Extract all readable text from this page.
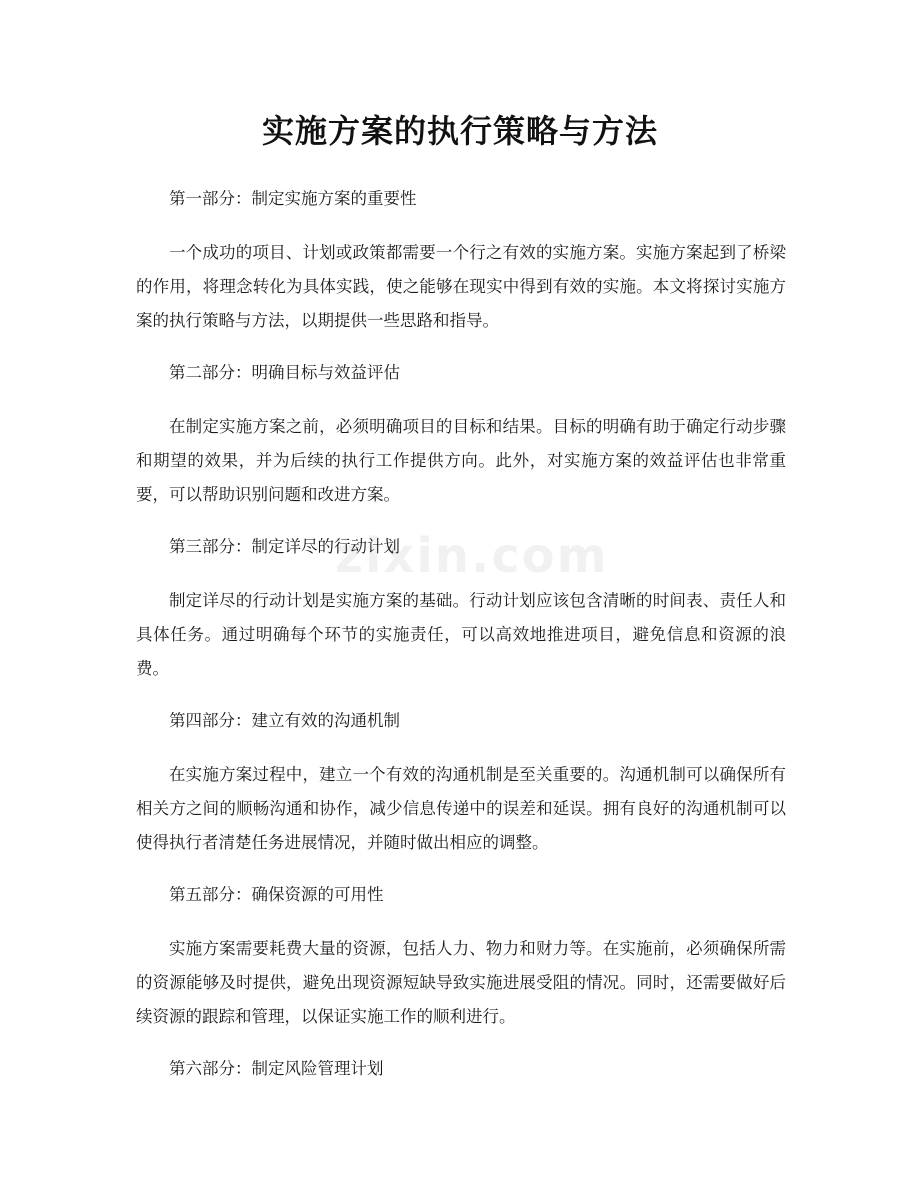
实施方案的执行策略与方法
zixin.com
第一部分：制定实施方案的重要性
一个成功的项目、计划或政策都需要一个行之有效的实施方案。实施方案起到了桥梁的作用，将理念转化为具体实践，使之能够在现实中得到有效的实施。本文将探讨实施方案的执行策略与方法，以期提供一些思路和指导。
第二部分：明确目标与效益评估
在制定实施方案之前，必须明确项目的目标和结果。目标的明确有助于确定行动步骤和期望的效果，并为后续的执行工作提供方向。此外，对实施方案的效益评估也非常重要，可以帮助识别问题和改进方案。
第三部分：制定详尽的行动计划
制定详尽的行动计划是实施方案的基础。行动计划应该包含清晰的时间表、责任人和具体任务。通过明确每个环节的实施责任，可以高效地推进项目，避免信息和资源的浪费。
第四部分：建立有效的沟通机制
在实施方案过程中，建立一个有效的沟通机制是至关重要的。沟通机制可以确保所有相关方之间的顺畅沟通和协作，减少信息传递中的误差和延误。拥有良好的沟通机制可以使得执行者清楚任务进展情况，并随时做出相应的调整。
第五部分：确保资源的可用性
实施方案需要耗费大量的资源，包括人力、物力和财力等。在实施前，必须确保所需的资源能够及时提供，避免出现资源短缺导致实施进展受阻的情况。同时，还需要做好后续资源的跟踪和管理，以保证实施工作的顺利进行。
第六部分：制定风险管理计划
